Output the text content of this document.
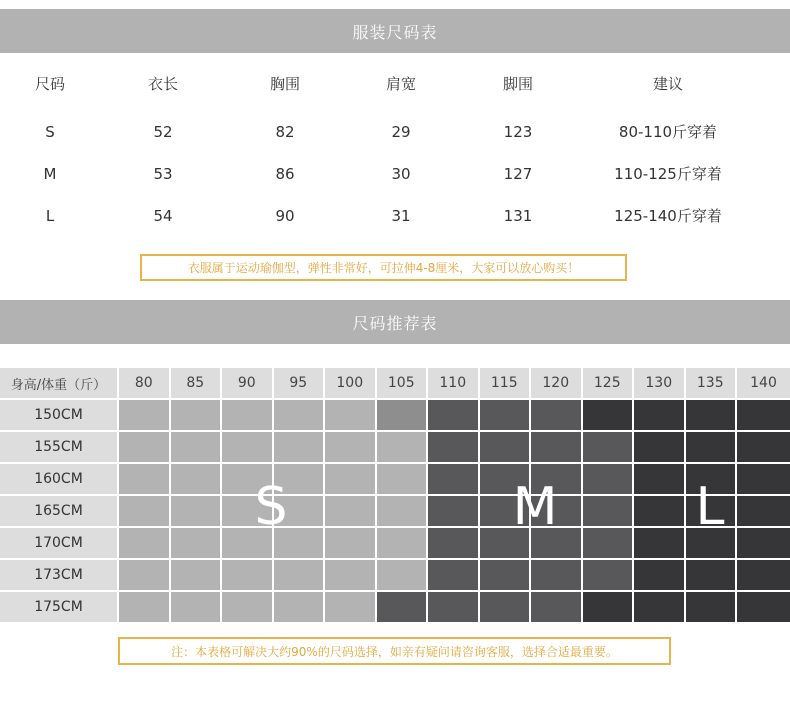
服装尺码表
尺码	衣长	胸围	肩宽	脚围	建议
S	52	82	29	123	80-110斤穿着
M	53	86	30	127	110-125斤穿着
L	54	90	31	131	125-140斤穿着
衣服属于运动瑜伽型，弹性非常好，可拉伸4-8厘米，大家可以放心购买！
尺码推荐表
身高/体重（斤） 80 85 90 95 100 105 110 115 120 125 130 135 140
150CM
155CM
160CM
165CM
170CM
173CM
175CM
S	M	L
注：本表格可解决大约90%的尺码选择，如亲有疑问请咨询客服，选择合适最重要。
